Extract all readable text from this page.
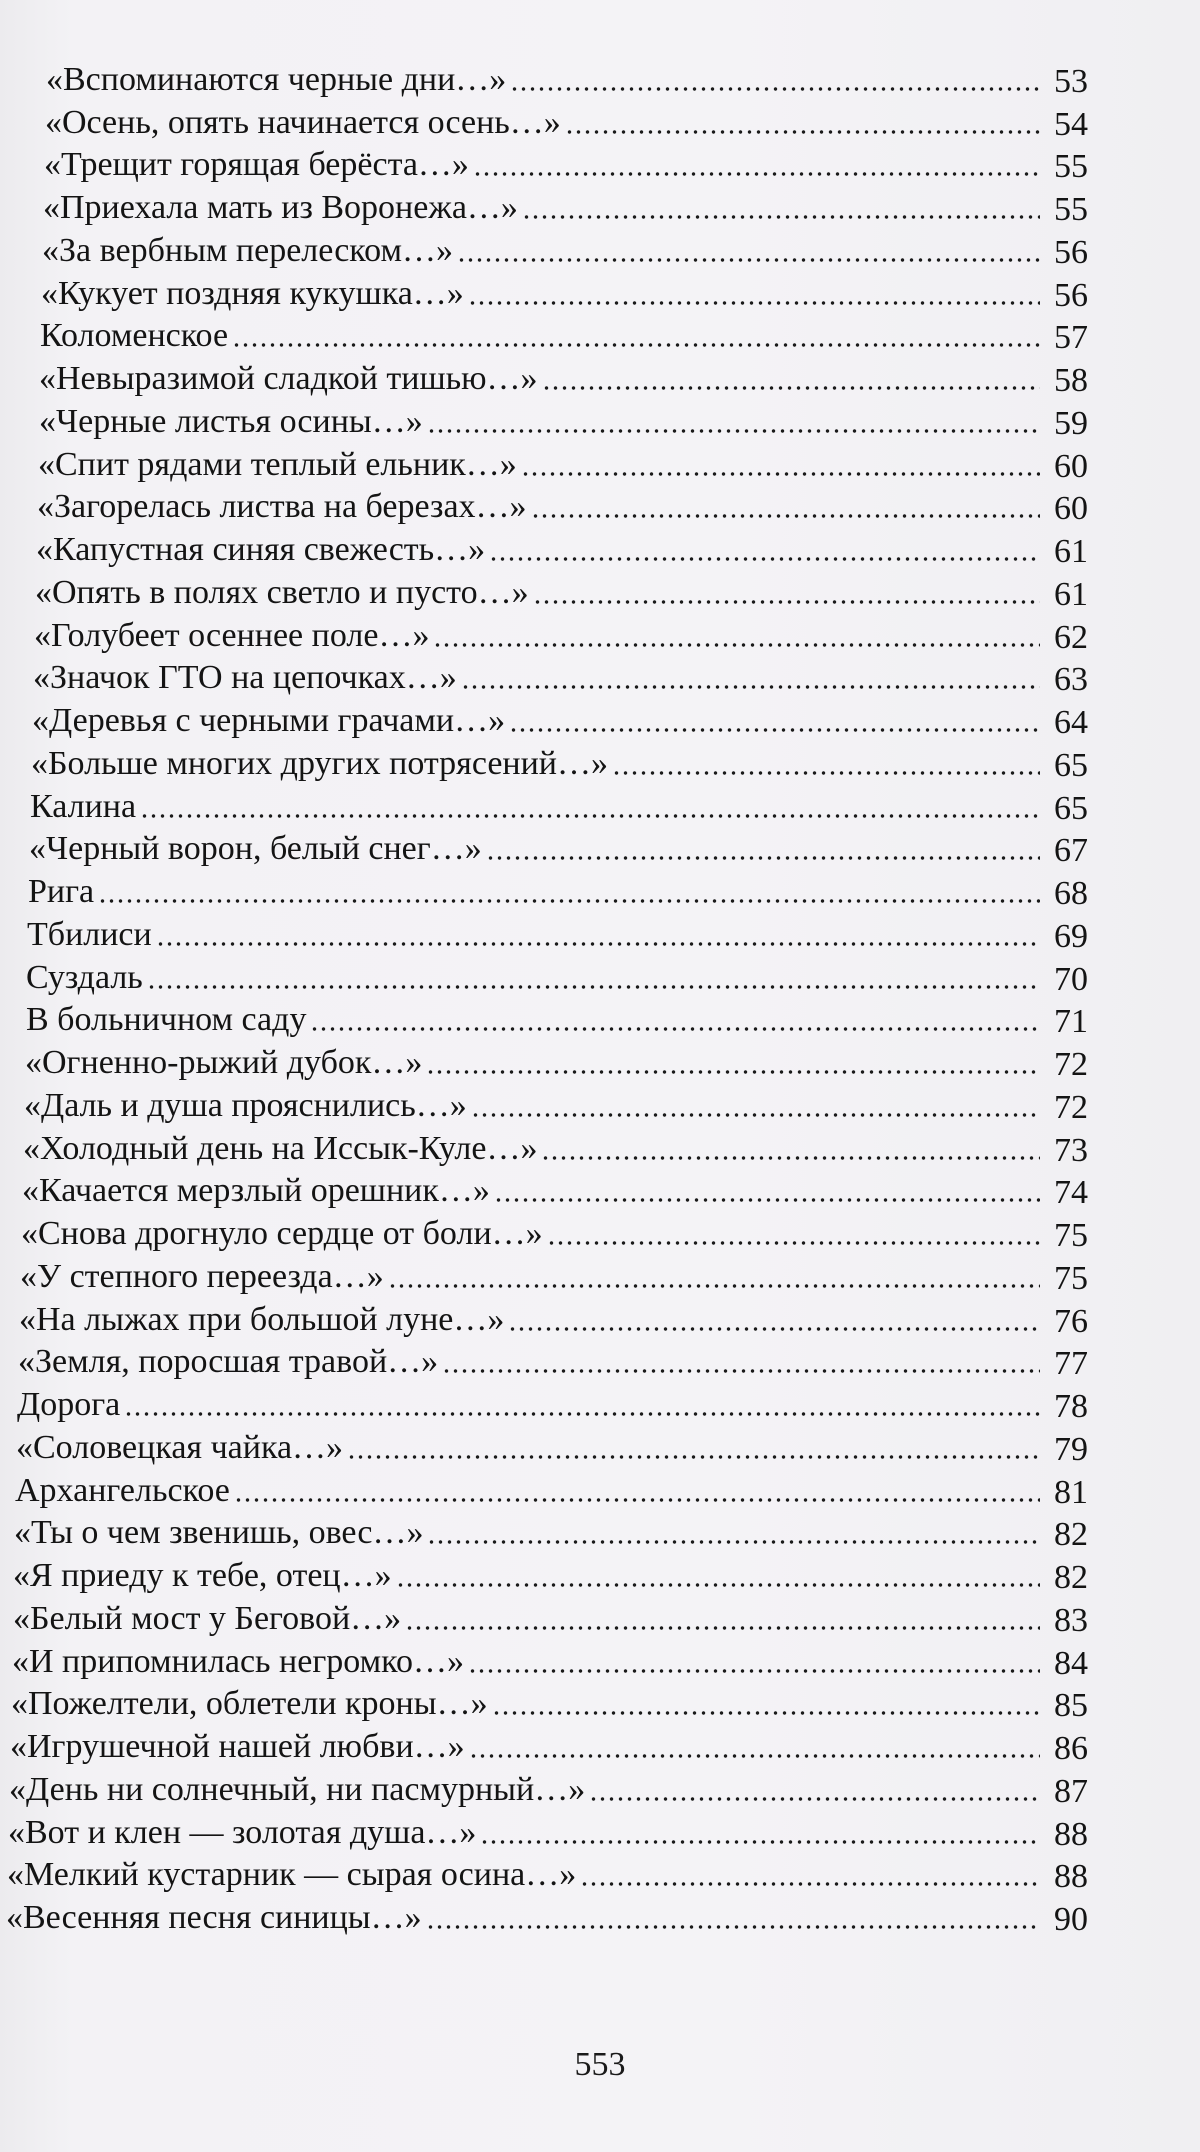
«Вспоминаются черные дни…»	53
«Осень, опять начинается осень…»	54
«Трещит горящая берёста…»	55
«Приехала мать из Воронежа…»	55
«За вербным перелеском…»	56
«Кукует поздняя кукушка…»	56
Коломенское	57
«Невыразимой сладкой тишью…»	58
«Черные листья осины…»	59
«Спит рядами теплый ельник…»	60
«Загорелась листва на березах…»	60
«Капустная синяя свежесть…»	61
«Опять в полях светло и пусто…»	61
«Голубеет осеннее поле…»	62
«Значок ГТО на цепочках…»	63
«Деревья с черными грачами…»	64
«Больше многих других потрясений…»	65
Калина	65
«Черный ворон, белый снег…»	67
Рига	68
Тбилиси	69
Суздаль	70
В больничном саду	71
«Огненно-рыжий дубок…»	72
«Даль и душа прояснились…»	72
«Холодный день на Иссык-Куле…»	73
«Качается мерзлый орешник…»	74
«Снова дрогнуло сердце от боли…»	75
«У степного переезда…»	75
«На лыжах при большой луне…»	76
«Земля, поросшая травой…»	77
Дорога	78
«Соловецкая чайка…»	79
Архангельское	81
«Ты о чем звенишь, овес…»	82
«Я приеду к тебе, отец…»	82
«Белый мост у Беговой…»	83
«И припомнилась негромко…»	84
«Пожелтели, облетели кроны…»	85
«Игрушечной нашей любви…»	86
«День ни солнечный, ни пасмурный…»	87
«Вот и клен — золотая душа…»	88
«Мелкий кустарник — сырая осина…»	88
«Весенняя песня синицы…»	90
553
